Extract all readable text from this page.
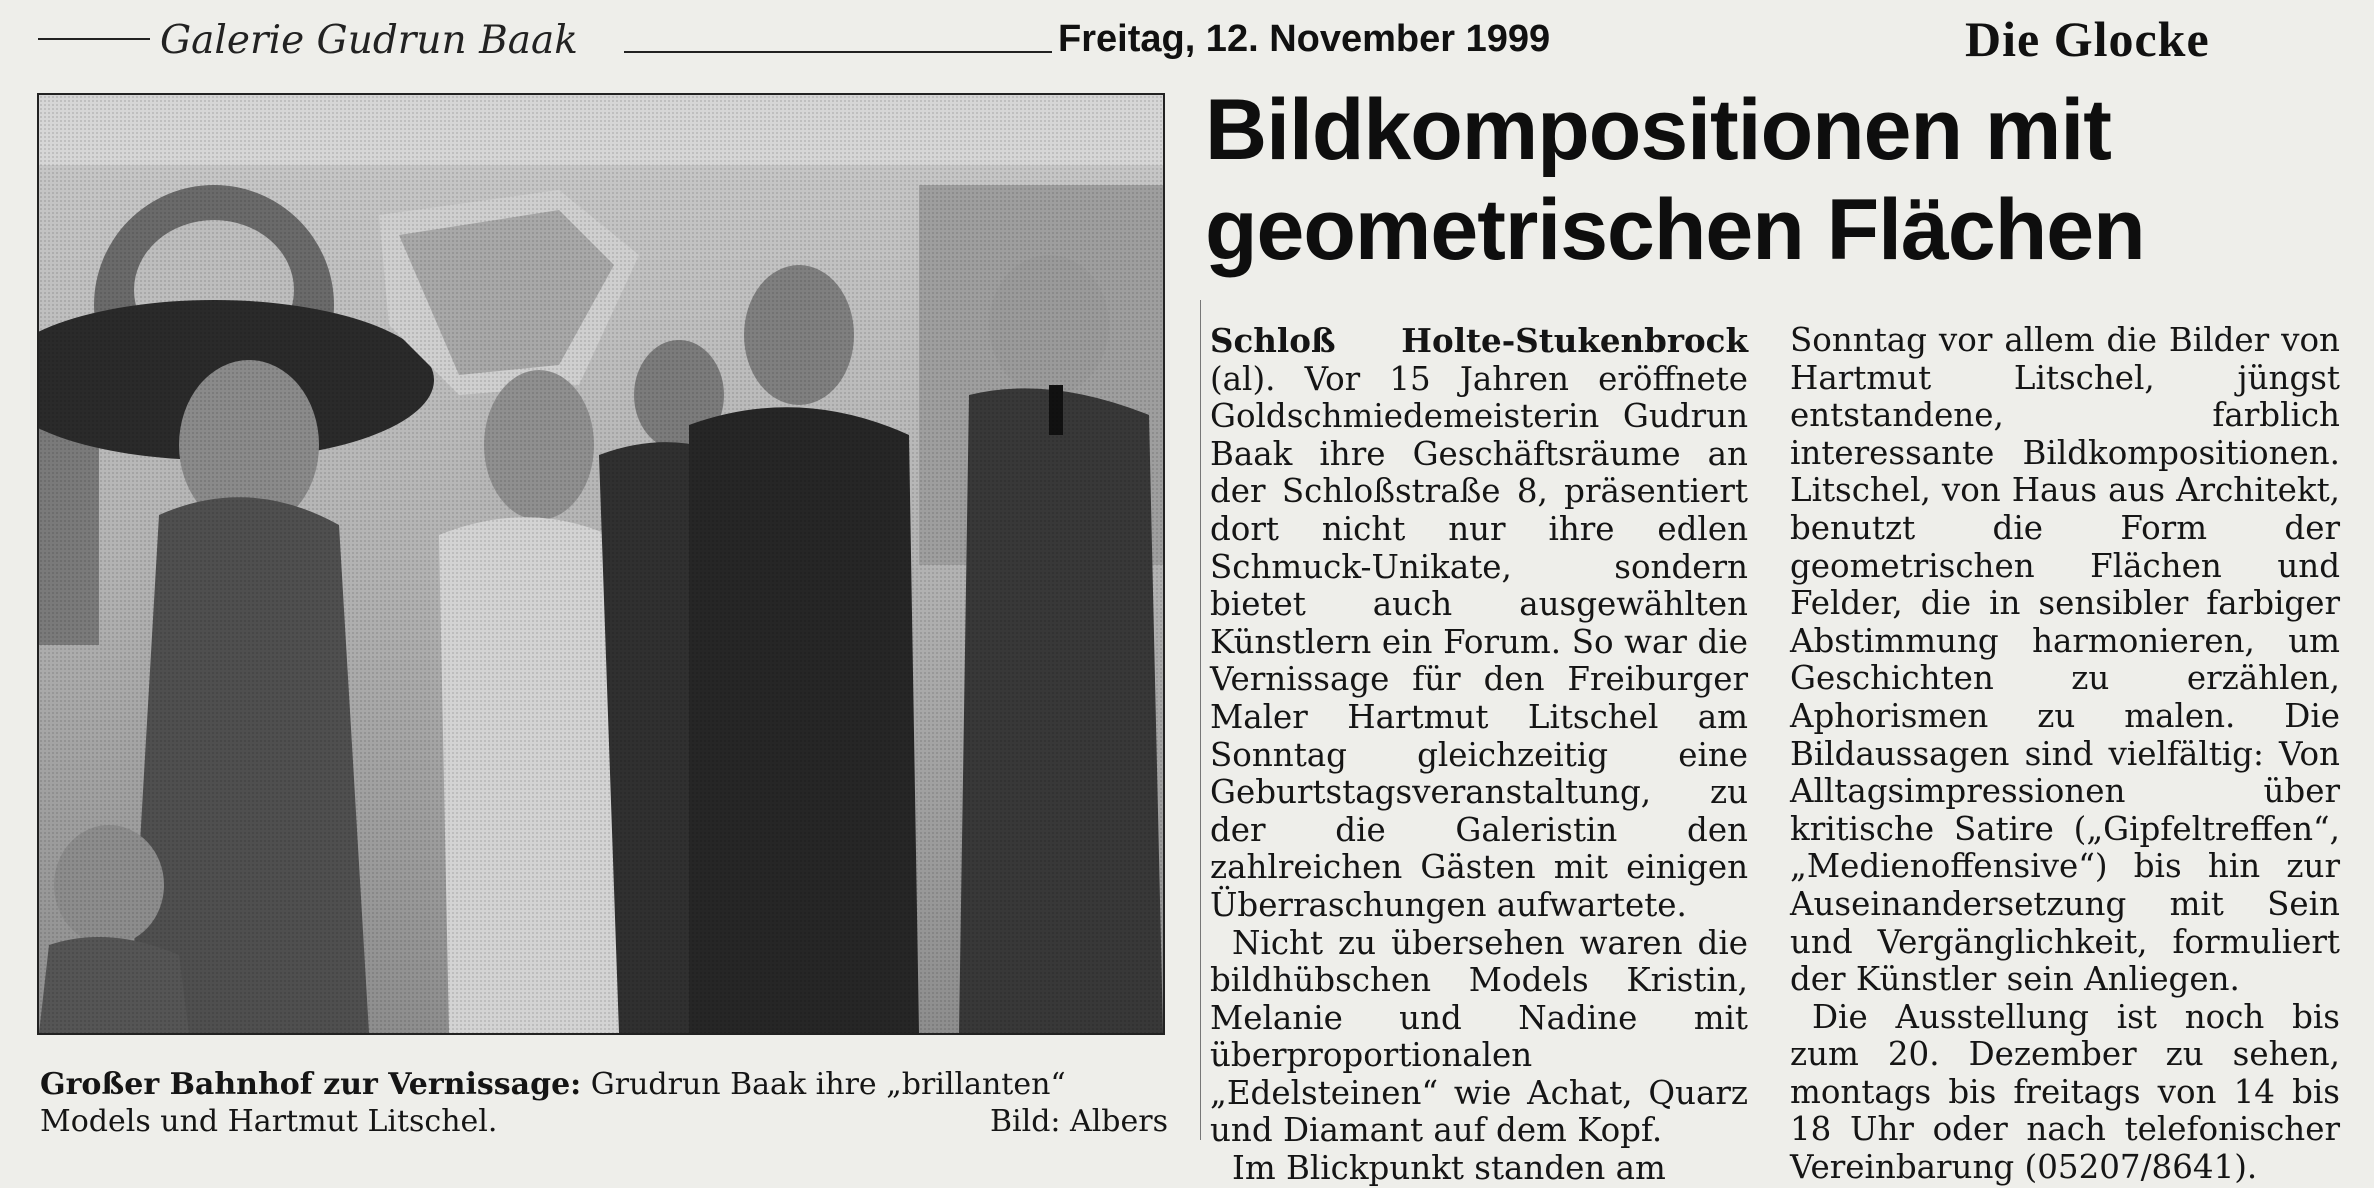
Galerie Gudrun Baak	Freitag, 12. November 1999	Die Glocke
Bildkompositionen mit
geometrischen Flächen
Großer Bahnhof zur Vernissage: Grudrun Baak ihre „brillanten“
Models und Hartmut Litschel.	Bild: Albers

Schloß Holte-Stukenbrock (al). Vor 15 Jahren eröffnete Goldschmiedemeisterin Gudrun Baak ihre Geschäftsräume an der Schloßstraße 8, präsentiert dort nicht nur ihre edlen Schmuck-Unikate, sondern bietet auch ausgewählten Künstlern ein Forum. So war die Vernissage für den Freiburger Maler Hartmut Litschel am Sonntag gleichzeitig eine Geburtstagsveranstaltung, zu der die Galeristin den zahlreichen Gästen mit einigen Überraschungen aufwartete.

Nicht zu übersehen waren die bildhübschen Models Kristin, Melanie und Nadine mit überproportionalen „Edelsteinen“ wie Achat, Quarz und Diamant auf dem Kopf.

Im Blickpunkt standen am

Sonntag vor allem die Bilder von Hartmut Litschel, jüngst entstandene, farblich interessante Bildkompositionen. Litschel, von Haus aus Architekt, benutzt die Form der geometrischen Flächen und Felder, die in sensibler farbiger Abstimmung harmonieren, um Geschichten zu erzählen, Aphorismen zu malen. Die Bildaussagen sind vielfältig: Von Alltagsimpressionen über kritische Satire („Gipfeltreffen“, „Medienoffensive“) bis hin zur Auseinandersetzung mit Sein und Vergänglichkeit, formuliert der Künstler sein Anliegen.

Die Ausstellung ist noch bis zum 20. Dezember zu sehen, montags bis freitags von 14 bis 18 Uhr oder nach telefonischer Vereinbarung (05207/8641).
